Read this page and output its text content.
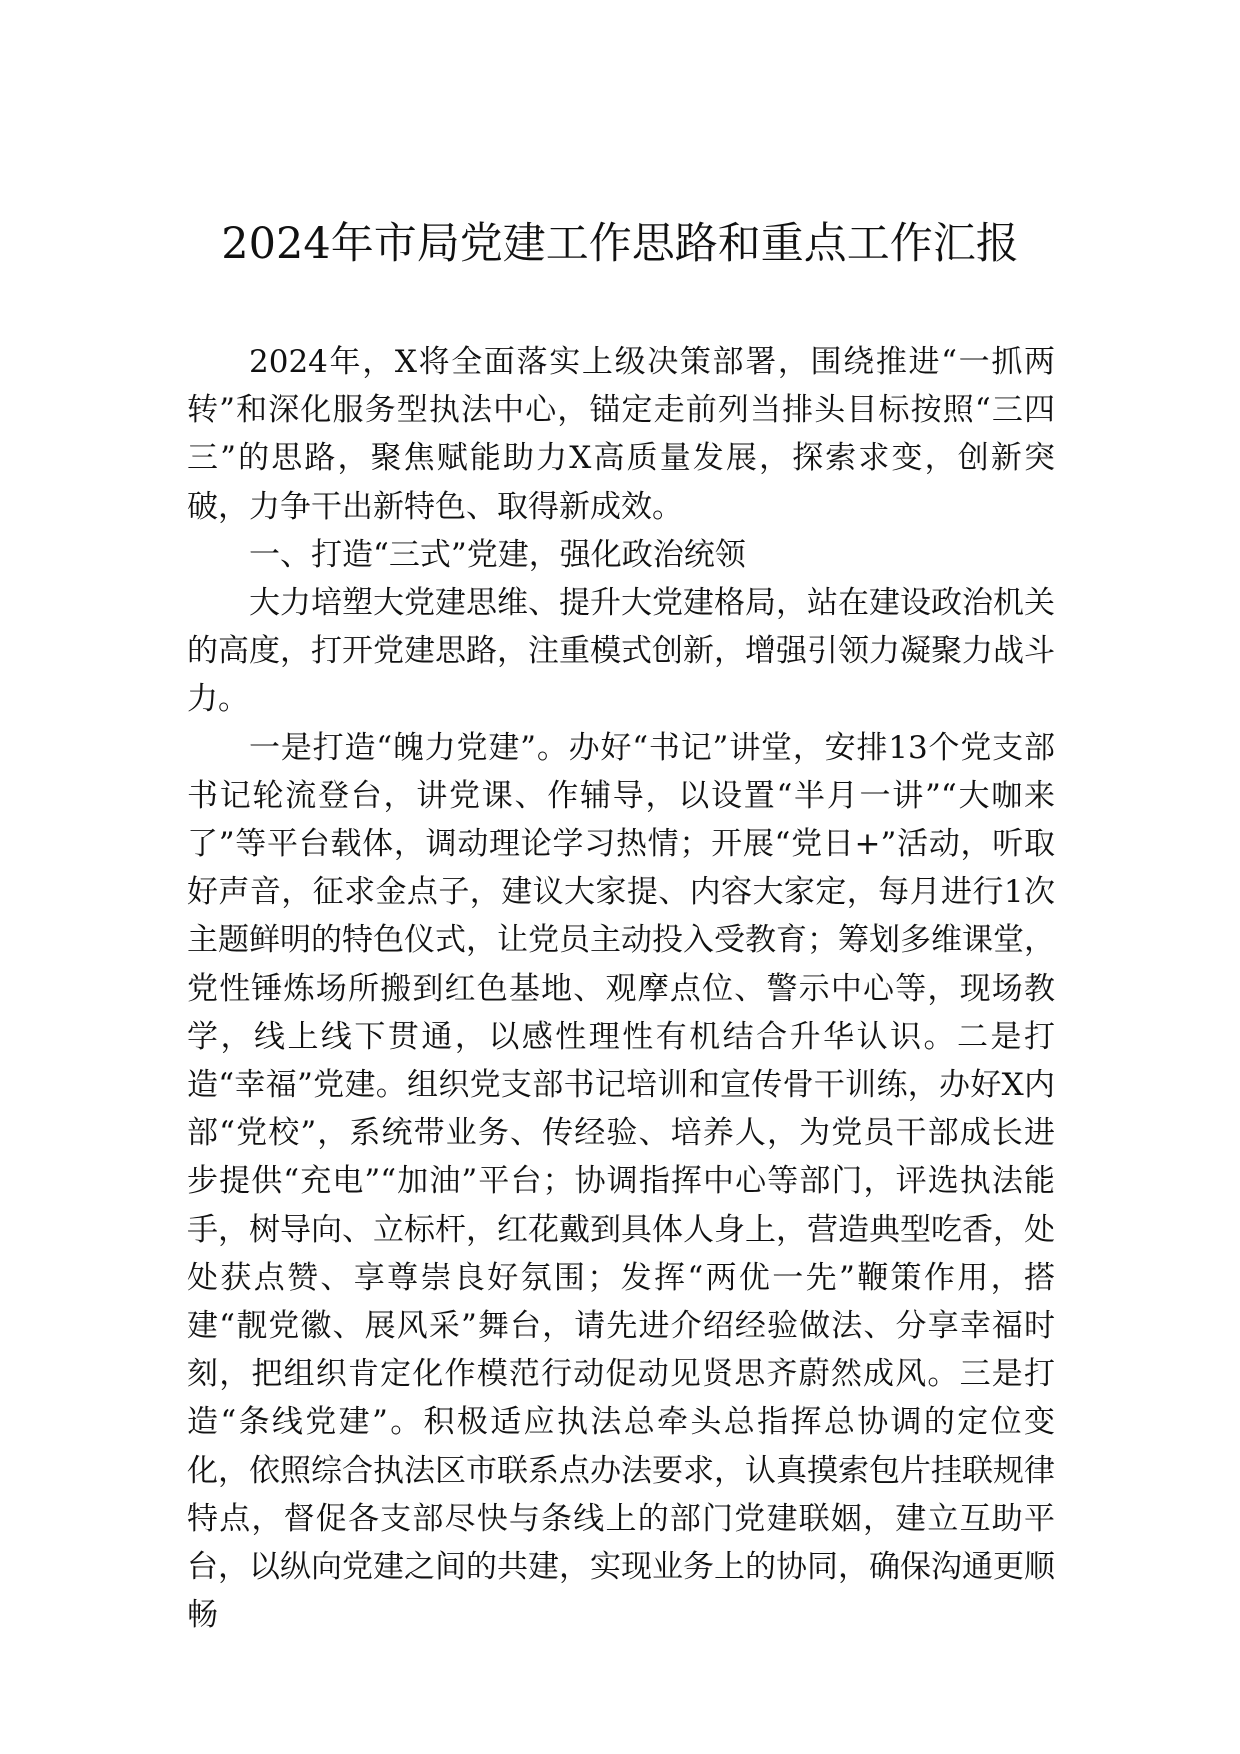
2024年市局党建工作思路和重点工作汇报

2024年，X将全面落实上级决策部署，围绕推进“一抓两转”和深化服务型执法中心，锚定走前列当排头目标按照“三四三”的思路，聚焦赋能助力X高质量发展，探索求变，创新突破，力争干出新特色、取得新成效。

一、打造“三式”党建，强化政治统领

大力培塑大党建思维、提升大党建格局，站在建设政治机关的高度，打开党建思路，注重模式创新，增强引领力凝聚力战斗力。

一是打造“魄力党建”。办好“书记”讲堂，安排13个党支部书记轮流登台，讲党课、作辅导，以设置“半月一讲”“大咖来了”等平台载体，调动理论学习热情；开展“党日+”活动，听取好声音，征求金点子，建议大家提、内容大家定，每月进行1次主题鲜明的特色仪式，让党员主动投入受教育；筹划多维课堂，党性锤炼场所搬到红色基地、观摩点位、警示中心等，现场教学，线上线下贯通，以感性理性有机结合升华认识。二是打造“幸福”党建。组织党支部书记培训和宣传骨干训练，办好X内部“党校”，系统带业务、传经验、培养人，为党员干部成长进步提供“充电”“加油”平台；协调指挥中心等部门，评选执法能手，树导向、立标杆，红花戴到具体人身上，营造典型吃香，处处获点赞、享尊崇良好氛围；发挥“两优一先”鞭策作用，搭建“靓党徽、展风采”舞台，请先进介绍经验做法、分享幸福时刻，把组织肯定化作模范行动促动见贤思齐蔚然成风。三是打造“条线党建”。积极适应执法总牵头总指挥总协调的定位变化，依照综合执法区市联系点办法要求，认真摸索包片挂联规律特点，督促各支部尽快与条线上的部门党建联姻，建立互助平台，以纵向党建之间的共建，实现业务上的协同，确保沟通更顺畅
